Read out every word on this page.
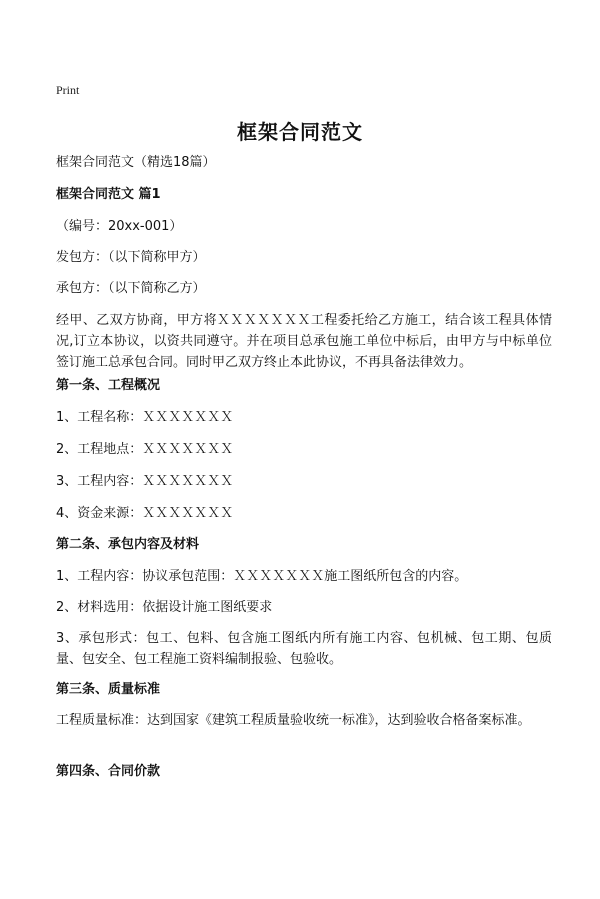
Print
框架合同范文
框架合同范文（精选18篇）
框架合同范文 篇1
（编号：20xx-001）
发包方：（以下简称甲方）
承包方：（以下简称乙方）
经甲、乙双方协商，甲方将ＸＸＸＸＸＸＸ工程委托给乙方施工，结合该工程具体情况,订立本协议，以资共同遵守。并在项目总承包施工单位中标后，由甲方与中标单位签订施工总承包合同。同时甲乙双方终止本此协议，不再具备法律效力。
第一条、工程概况
1、工程名称：ＸＸＸＸＸＸＸ
2、工程地点：ＸＸＸＸＸＸＸ
3、工程内容：ＸＸＸＸＸＸＸ
4、资金来源：ＸＸＸＸＸＸＸ
第二条、承包内容及材料
1、工程内容：协议承包范围：ＸＸＸＸＸＸＸ施工图纸所包含的内容。
2、材料选用：依据设计施工图纸要求
3、承包形式：包工、包料、包含施工图纸内所有施工内容、包机械、包工期、包质量、包安全、包工程施工资料编制报验、包验收。
第三条、质量标准
工程质量标准：达到国家《建筑工程质量验收统一标准》，达到验收合格备案标准。
第四条、合同价款
